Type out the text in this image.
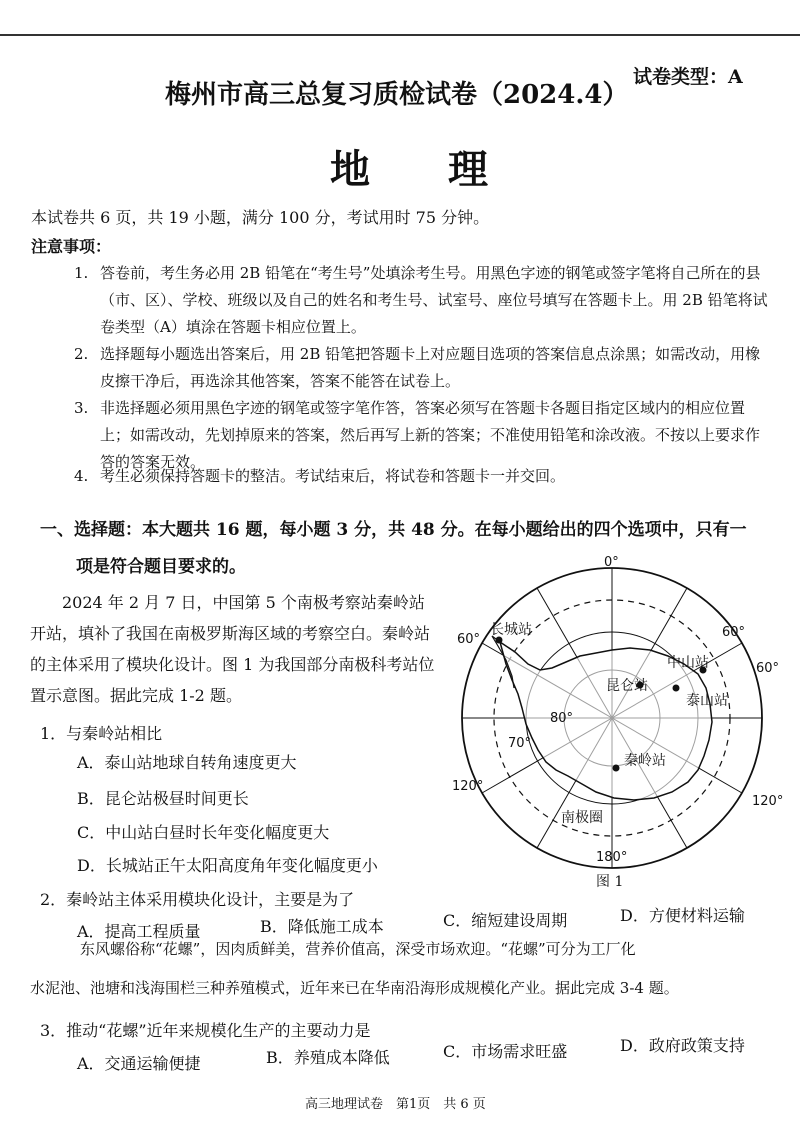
梅州市高三总复习质检试卷（2024.4）
试卷类型：A
地理
本试卷共 6 页，共 19 小题，满分 100 分，考试用时 75 分钟。
注意事项：
1. 答卷前，考生务必用 2B 铅笔在“考生号”处填涂考生号。用黑色字迹的钢笔或签字笔将自己所在的县（市、区）、学校、班级以及自己的姓名和考生号、试室号、座位号填写在答题卡上。用 2B 铅笔将试卷类型（A）填涂在答题卡相应位置上。
2. 选择题每小题选出答案后，用 2B 铅笔把答题卡上对应题目选项的答案信息点涂黑；如需改动，用橡皮擦干净后，再选涂其他答案，答案不能答在试卷上。
3. 非选择题必须用黑色字迹的钢笔或签字笔作答，答案必须写在答题卡各题目指定区域内的相应位置上；如需改动，先划掉原来的答案，然后再写上新的答案；不准使用铅笔和涂改液。不按以上要求作答的答案无效。
4. 考生必须保持答题卡的整洁。考试结束后，将试卷和答题卡一并交回。
一、选择题：本大题共 16 题，每小题 3 分，共 48 分。在每小题给出的四个选项中，只有一
项是符合题目要求的。
2024 年 2 月 7 日，中国第 5 个南极考察站秦岭站开站，填补了我国在南极罗斯海区域的考察空白。秦岭站的主体采用了模块化设计。图 1 为我国部分南极科考站位置示意图。据此完成 1-2 题。
1．与秦岭站相比
A．泰山站地球自转角速度更大
B．昆仑站极昼时间更长
C．中山站白昼时长年变化幅度更大
D．长城站正午太阳高度角年变化幅度更小
2．秦岭站主体采用模块化设计，主要是为了
A．提高工程质量	B．降低施工成本	C．缩短建设周期	D．方便材料运输
东风螺俗称“花螺”，因肉质鲜美，营养价值高，深受市场欢迎。“花螺”可分为工厂化
水泥池、池塘和浅海围栏三种养殖模式，近年来已在华南沿海形成规模化产业。据此完成 3-4 题。
3．推动“花螺”近年来规模化生产的主要动力是
A．交通运输便捷	B．养殖成本降低	C．市场需求旺盛	D．政府政策支持
0°
60°	60°
60°
120°
120°
180°
70°
80°
长城站
中山站
昆仑站
泰山站
秦岭站
南极圈
图 1
高三地理试卷　第1页　共 6 页
